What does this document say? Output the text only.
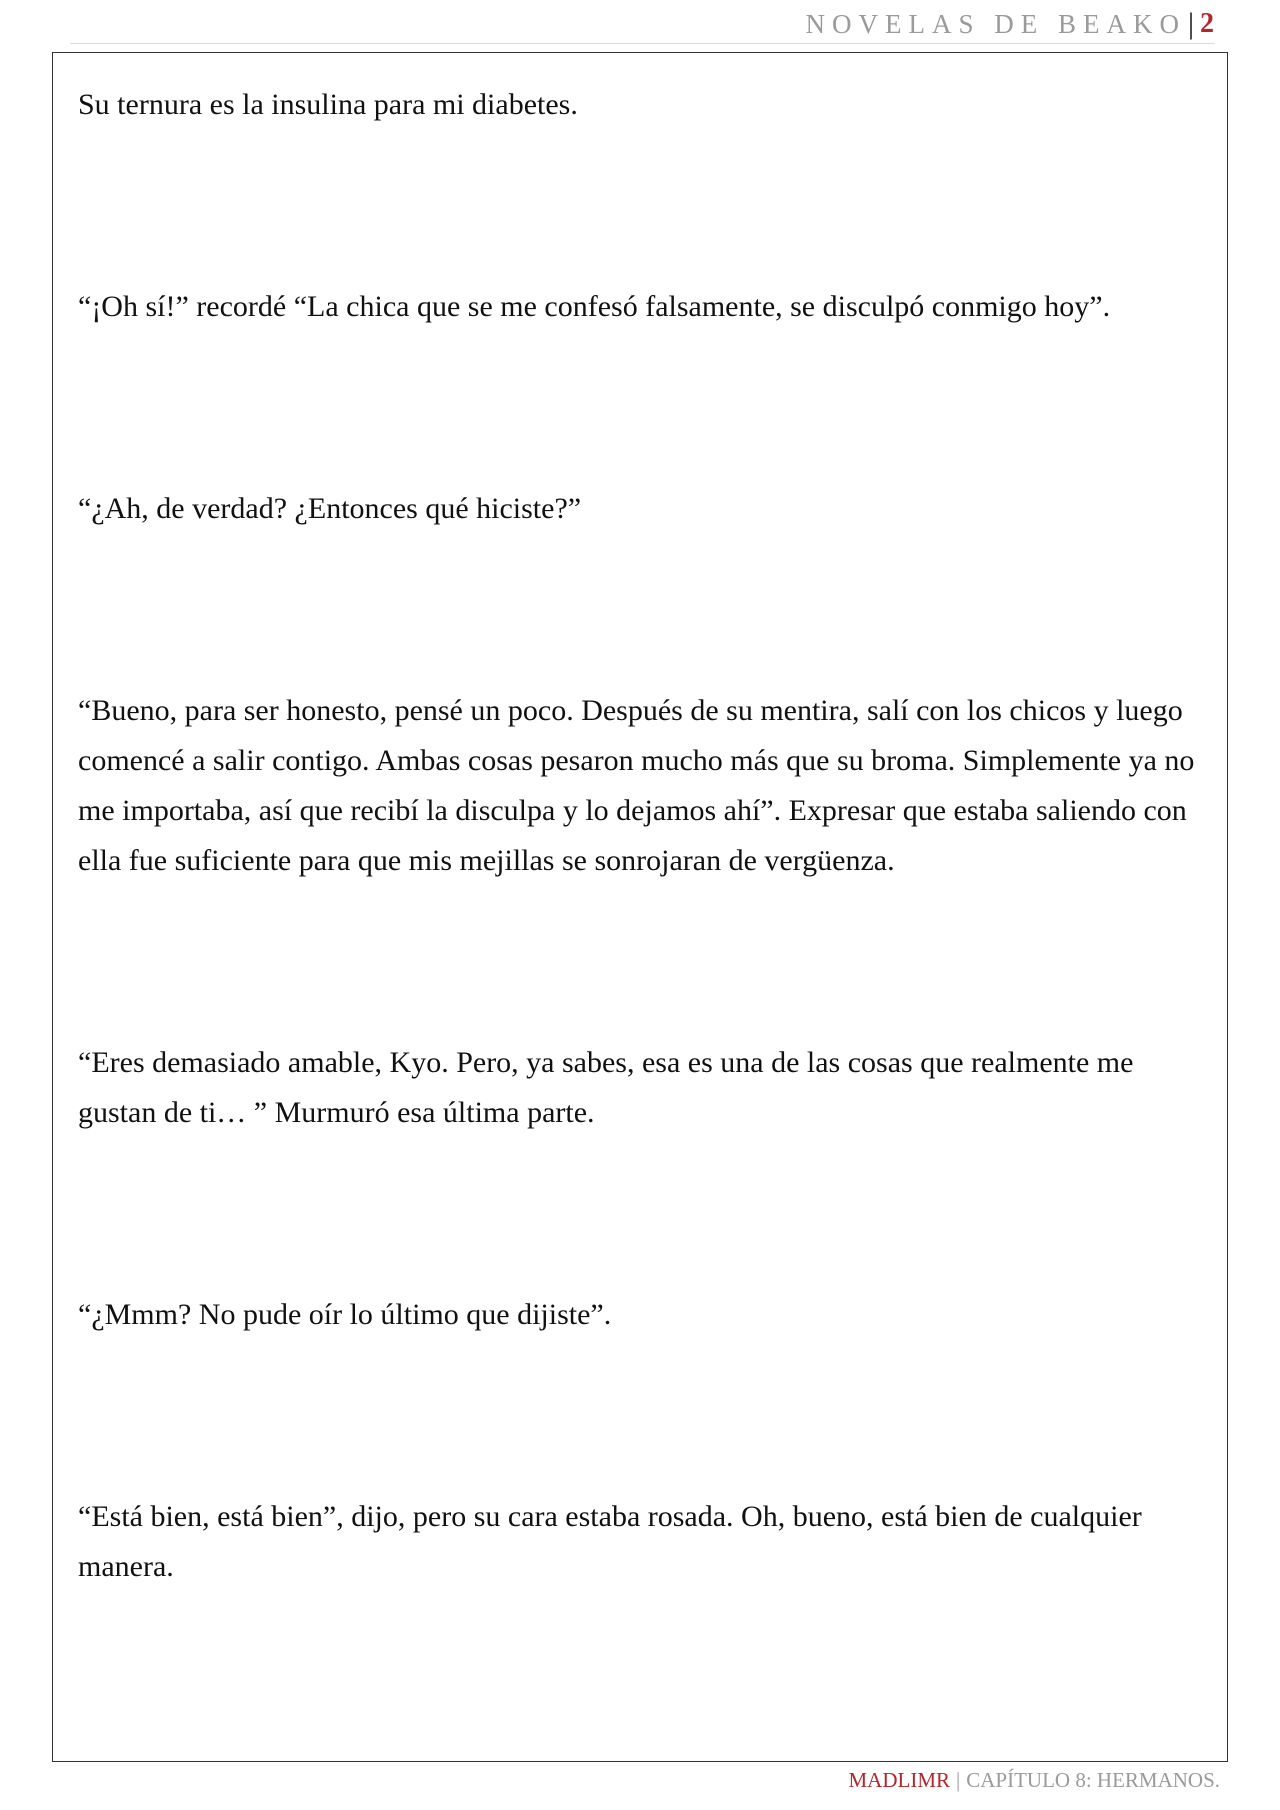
NOVELAS DE BEAKO | 2

Su ternura es la insulina para mi diabetes.

“¡Oh sí!” recordé “La chica que se me confesó falsamente, se disculpó conmigo hoy”.

“¿Ah, de verdad? ¿Entonces qué hiciste?”

“Bueno, para ser honesto, pensé un poco. Después de su mentira, salí con los chicos y luego comencé a salir contigo. Ambas cosas pesaron mucho más que su broma. Simplemente ya no me importaba, así que recibí la disculpa y lo dejamos ahí”. Expresar que estaba saliendo con ella fue suficiente para que mis mejillas se sonrojaran de vergüenza.

“Eres demasiado amable, Kyo. Pero, ya sabes, esa es una de las cosas que realmente me gustan de ti… ” Murmuró esa última parte.

“¿Mmm? No pude oír lo último que dijiste”.

“Está bien, está bien”, dijo, pero su cara estaba rosada. Oh, bueno, está bien de cualquier manera.

MADLIMR | CAPÍTULO 8: HERMANOS.
